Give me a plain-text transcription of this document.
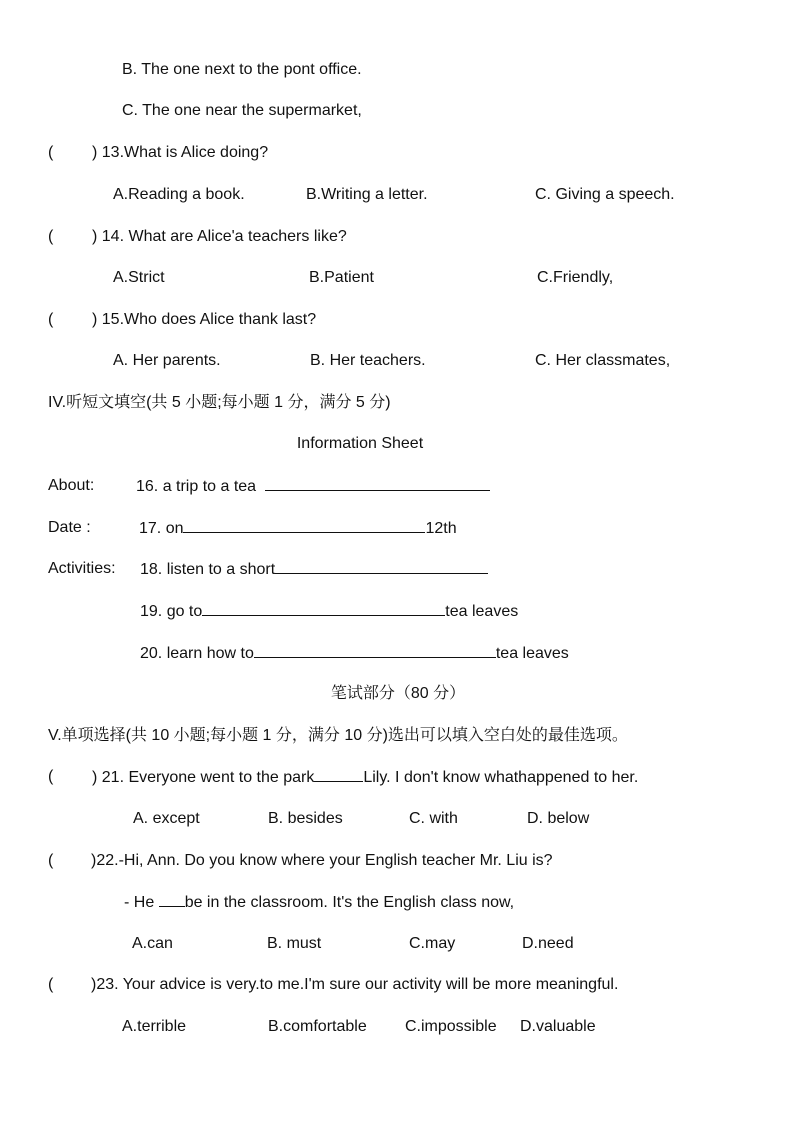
B. The one next to the pont office.
C. The one near the supermarket,
( ) 13.What is Alice doing?
A.Reading a book.	B.Writing a letter.	C. Giving a speech.
( ) 14. What are Alice'a teachers like?
A.Strict	B.Patient	C.Friendly,
( ) 15.Who does Alice thank last?
A. Her parents.	B. Her teachers.	C. Her classmates,
IV.听短文填空(共 5 小题;每小题 1 分，满分 5 分)
Information Sheet
About:	16. a trip to a tea
Date :	17. on	12th
Activities: 18. listen to a short
19. go to	tea leaves
20. learn how to	tea leaves
笔试部分（80 分）
V.单项选择(共 10 小题;每小题 1 分，满分 10 分)选出可以填入空白处的最佳选项。
( ) 21. Everyone went to the park	Lily. I don't know whathappened to her.
A. except	B. besides	C. with	D. below
( )22.-Hi, Ann. Do you know where your English teacher Mr. Liu is?
- He be in the classroom. It's the English class now,
A.can	B. must	C.may	D.need
( )23. Your advice is very.to me.I'm sure our activity will be more meaningful.
A.terrible	B.comfortable C.impossible D.valuable
